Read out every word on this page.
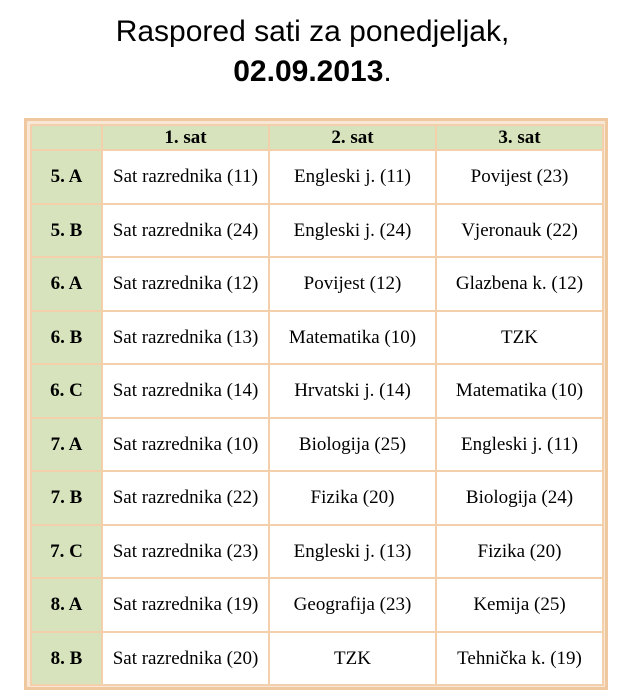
Raspored sati za ponedjeljak,
02.09.2013.
	1. sat	2. sat	3. sat
5. A	Sat razrednika (11)	Engleski j. (11)	Povijest (23)
5. B	Sat razrednika (24)	Engleski j. (24)	Vjeronauk (22)
6. A	Sat razrednika (12)	Povijest (12)	Glazbena k. (12)
6. B	Sat razrednika (13)	Matematika (10)	TZK
6. C	Sat razrednika (14)	Hrvatski j. (14)	Matematika (10)
7. A	Sat razrednika (10)	Biologija (25)	Engleski j. (11)
7. B	Sat razrednika (22)	Fizika (20)	Biologija (24)
7. C	Sat razrednika (23)	Engleski j. (13)	Fizika (20)
8. A	Sat razrednika (19)	Geografija (23)	Kemija (25)
8. B	Sat razrednika (20)	TZK	Tehnička k. (19)
